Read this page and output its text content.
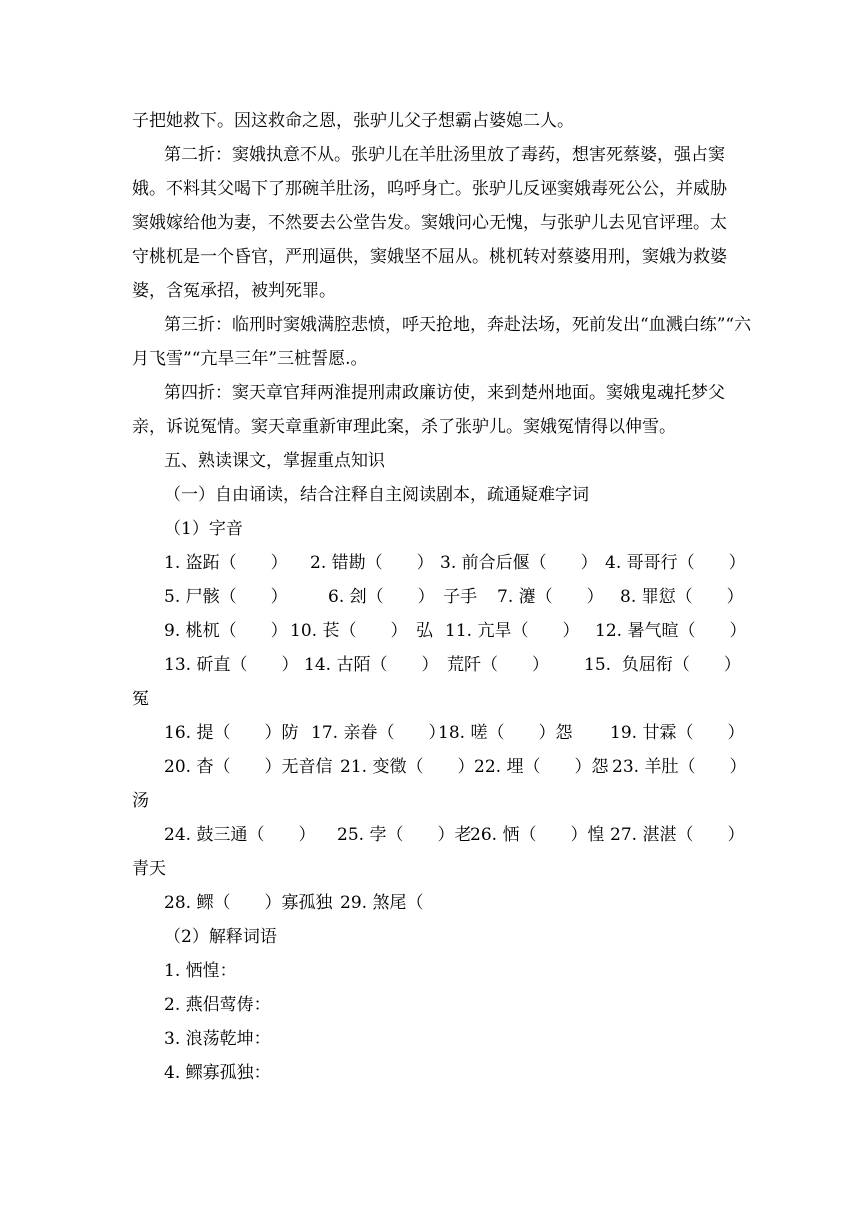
子把她救下。因这救命之恩，张驴儿父子想霸占婆媳二人。
第二折：窦娥执意不从。张驴儿在羊肚汤里放了毒药，想害死蔡婆，强占窦
娥。不料其父喝下了那碗羊肚汤，呜呼身亡。张驴儿反诬窦娥毒死公公，并威胁
窦娥嫁给他为妻，不然要去公堂告发。窦娥问心无愧，与张驴儿去见官评理。太
守桃杌是一个昏官，严刑逼供，窦娥坚不屈从。桃杌转对蔡婆用刑，窦娥为救婆
婆，含冤承招，被判死罪。
第三折：临刑时窦娥满腔悲愤，呼天抢地，奔赴法场，死前发出“血溅白练”“六
月飞雪”“亢旱三年”三桩誓愿.。
第四折：窦天章官拜两淮提刑肃政廉访使，来到楚州地面。窦娥鬼魂托梦父
亲，诉说冤情。窦天章重新审理此案，杀了张驴儿。窦娥冤情得以伸雪。
五、熟读课文，掌握重点知识
（一）自由诵读，结合注释自主阅读剧本，疏通疑难字词
（1）字音
1. 盗跖（　　） 2. 错勘（　　） 3. 前合后偃（　　） 4. 哥哥行（　　）
5. 尸骸（　　） 6. 刽（　　）　子手 7. 瀽（　　） 8. 罪愆（　　）
9. 桃杌（　　） 10. 苌（　　）　弘 11. 亢旱（　　） 12. 暑气暄（　　）
13. 斫直（　　） 14. 古陌（　　）　荒阡（　　） 15.  负屈衔（　　）
冤
16. 提（　　）防 17. 亲眷（　　）
18. 嗟（　　）怨 19. 甘霖（　　）
20. 杳（　　）无音信 21. 变徵（　　） 22. 埋（　　）怨 23. 羊肚（　　）
汤
24. 鼓三通（　　） 25. 孛（　　）老
26. 恓（　　）惶 27. 湛湛（　　）
青天
28. 鳏（　　）寡孤独 29. 煞尾（
（2）解释词语
1. 恓惶：
2. 燕侣莺俦：
3. 浪荡乾坤：
4. 鳏寡孤独：
